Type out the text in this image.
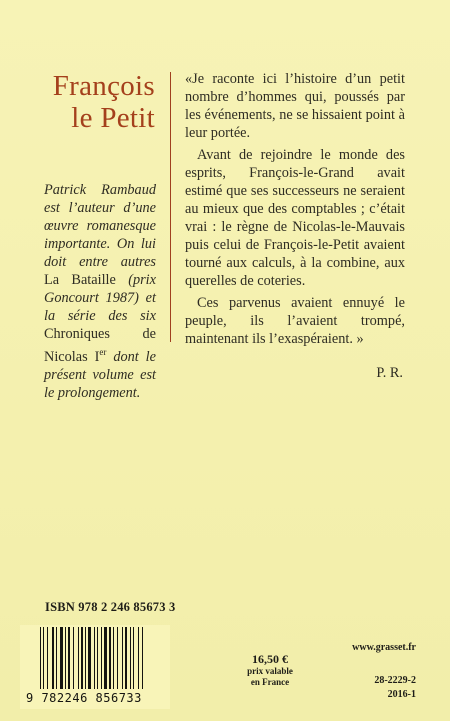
François
le Petit
Patrick Rambaud est l’auteur d’une œuvre romanesque importante. On lui doit entre autres La Bataille (prix Goncourt 1987) et la série des six Chroniques de Nicolas Ier dont le présent volume est le prolongement.

«Je raconte ici l’histoire d’un petit nombre d’hommes qui, poussés par les événements, ne se hissaient point à leur portée.

Avant de rejoindre le monde des esprits, François-le-Grand avait estimé que ses successeurs ne seraient au mieux que des comptables ; c’était vrai : le règne de Nicolas-le-Mauvais puis celui de François-le-Petit avaient tourné aux calculs, à la combine, aux querelles de coteries.

Ces parvenus avaient ennuyé le peuple, ils l’avaient trompé, maintenant ils l’exaspéraient. »

P. R.
ISBN 978 2 246 85673 3
9 782246 856733
16,50 €
prix valable
en France
www.grasset.fr
28-2229-2
2016-1
